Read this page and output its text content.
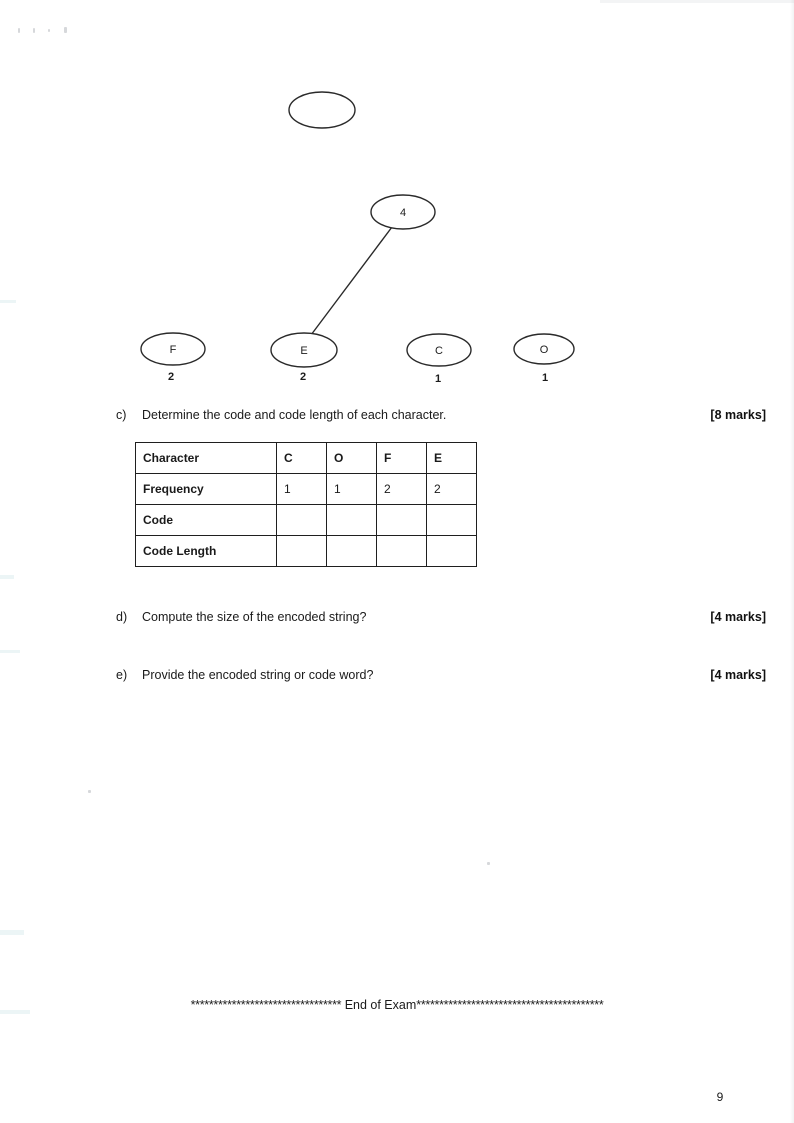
4
F
2
E
2
C
1
O
1
c)	Determine the code and code length of each character.	[8 marks]
Character	C	O	F	E
Frequency	1	1	2	2
Code				
Code Length				
d)	Compute the size of the encoded string?	[4 marks]
e)	Provide the encoded string or code word?	[4 marks]
********************************* End of Exam*****************************************
9
